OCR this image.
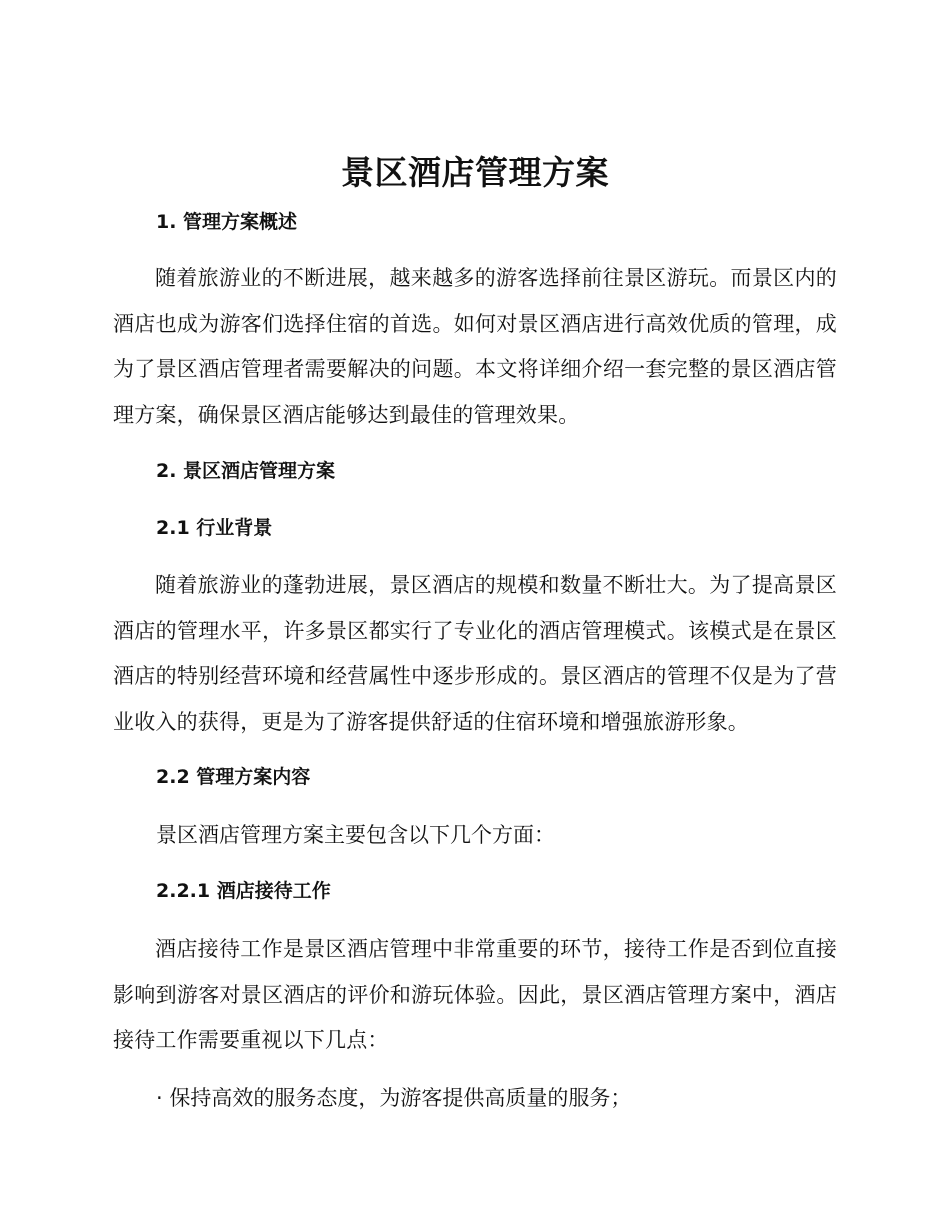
景区酒店管理方案
1. 管理方案概述
随着旅游业的不断进展，越来越多的游客选择前往景区游玩。而景区内的酒店也成为游客们选择住宿的首选。如何对景区酒店进行高效优质的管理，成为了景区酒店管理者需要解决的问题。本文将详细介绍一套完整的景区酒店管理方案，确保景区酒店能够达到最佳的管理效果。
2. 景区酒店管理方案
2.1 行业背景
随着旅游业的蓬勃进展，景区酒店的规模和数量不断壮大。为了提高景区酒店的管理水平，许多景区都实行了专业化的酒店管理模式。该模式是在景区酒店的特别经营环境和经营属性中逐步形成的。景区酒店的管理不仅是为了营业收入的获得，更是为了游客提供舒适的住宿环境和增强旅游形象。
2.2 管理方案内容
景区酒店管理方案主要包含以下几个方面：
2.2.1 酒店接待工作
酒店接待工作是景区酒店管理中非常重要的环节，接待工作是否到位直接影响到游客对景区酒店的评价和游玩体验。因此，景区酒店管理方案中，酒店接待工作需要重视以下几点：
· 保持高效的服务态度，为游客提供高质量的服务；
